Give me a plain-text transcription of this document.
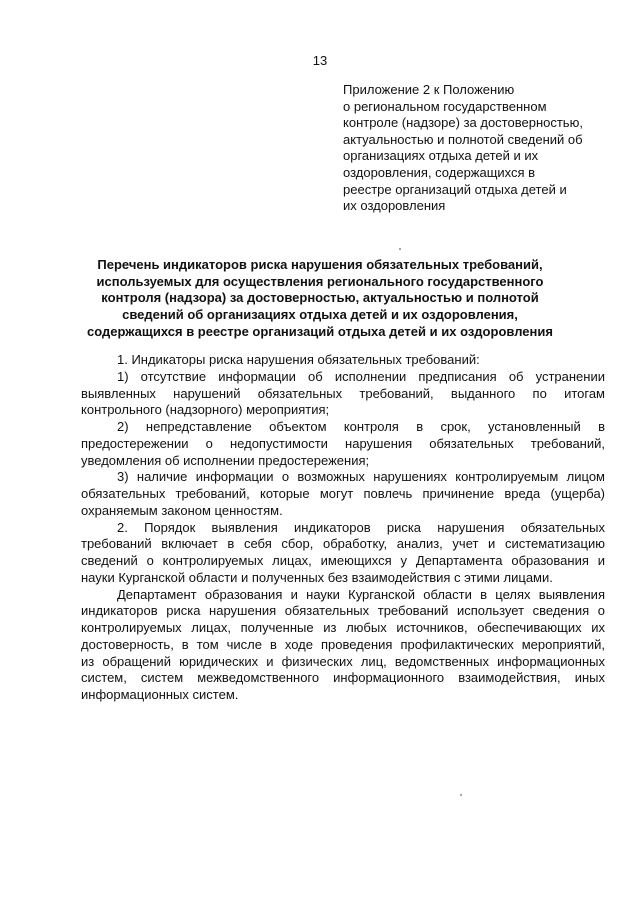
13
Приложение 2 к Положению
о региональном государственном
контроле (надзоре) за достоверностью,
актуальностью и полнотой сведений об
организациях отдыха детей и их
оздоровления, содержащихся в
реестре организаций отдыха детей и
их оздоровления
Перечень индикаторов риска нарушения обязательных требований,
используемых для осуществления регионального государственного
контроля (надзора) за достоверностью, актуальностью и полнотой
сведений об организациях отдыха детей и их оздоровления,
содержащихся в реестре организаций отдыха детей и их оздоровления

1. Индикаторы риска нарушения обязательных требований:

1) отсутствие информации об исполнении предписания об устранении
выявленных нарушений обязательных требований, выданного по итогам
контрольного (надзорного) мероприятия;

2) непредставление объектом контроля в срок, установленный в
предостережении о недопустимости нарушения обязательных требований,
уведомления об исполнении предостережения;

3) наличие информации о возможных нарушениях контролируемым лицом
обязательных требований, которые могут повлечь причинение вреда (ущерба)
охраняемым законом ценностям.

2. Порядок выявления индикаторов риска нарушения обязательных
требований включает в себя сбор, обработку, анализ, учет и систематизацию
сведений о контролируемых лицах, имеющихся у Департамента образования и
науки Курганской области и полученных без взаимодействия с этими лицами.

Департамент образования и науки Курганской области в целях выявления
индикаторов риска нарушения обязательных требований использует сведения о
контролируемых лицах, полученные из любых источников, обеспечивающих их
достоверность, в том числе в ходе проведения профилактических мероприятий,
из обращений юридических и физических лиц, ведомственных информационных
систем, систем межведомственного информационного взаимодействия, иных
информационных систем.
